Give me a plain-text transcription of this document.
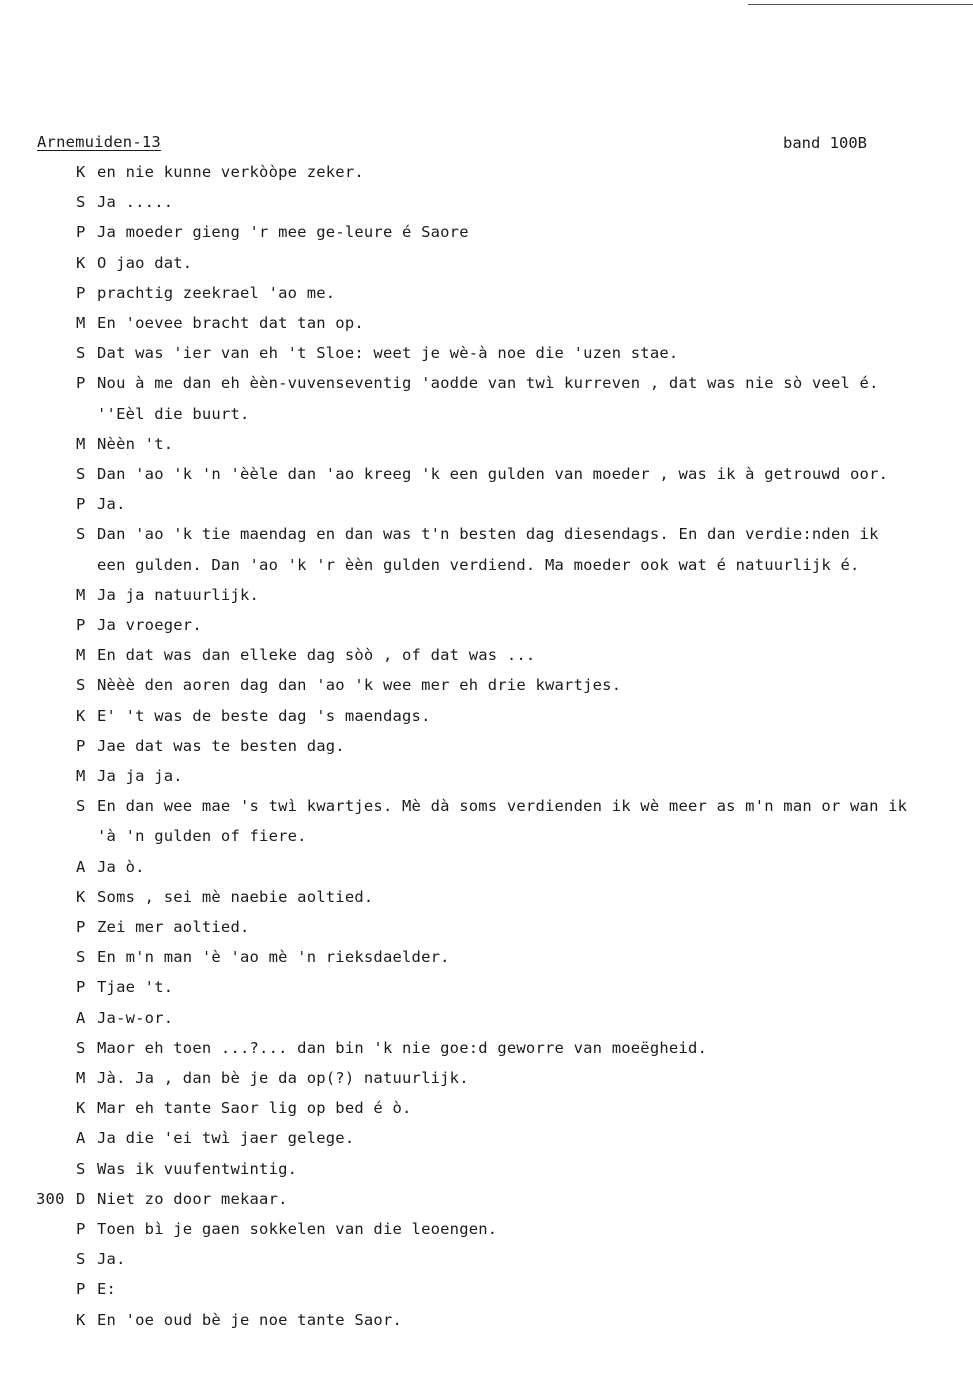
Arnemuiden-13	band 100B
K en nie kunne verkòòpe zeker.
S Ja .....
P Ja moeder gieng 'r mee ge-leure é Saore
K O jao dat.
P prachtig zeekrael 'ao me.
M En 'oevee bracht dat tan op.
S Dat was 'ier van eh 't Sloe: weet je wè-à noe die 'uzen stae.
P Nou à me dan eh èèn-vuvenseventig 'aodde van twì kurreven , dat was nie sò veel é.
''Eèl die buurt.
M Nèèn 't.
S Dan 'ao 'k 'n 'èèle dan 'ao kreeg 'k een gulden van moeder , was ik à getrouwd oor.
P Ja.
S Dan 'ao 'k tie maendag en dan was t'n besten dag diesendags. En dan verdie:nden ik
een gulden. Dan 'ao 'k 'r èèn gulden verdiend. Ma moeder ook wat é natuurlijk é.
M Ja ja natuurlijk.
P Ja vroeger.
M En dat was dan elleke dag sòò , of dat was ...
S Nèèè den aoren dag dan 'ao 'k wee mer eh drie kwartjes.
K E' 't was de beste dag 's maendags.
P Jae dat was te besten dag.
M Ja ja ja.
S En dan wee mae 's twì kwartjes. Mè dà soms verdienden ik wè meer as m'n man or wan ik
'à 'n gulden of fiere.
A Ja ò.
K Soms , sei mè naebie aoltied.
P Zei mer aoltied.
S En m'n man 'è 'ao mè 'n rieksdaelder.
P Tjae 't.
A Ja-w-or.
S Maor eh toen ...?... dan bin 'k nie goe:d geworre van moeëgheid.
M Jà. Ja , dan bè je da op(?) natuurlijk.
K Mar eh tante Saor lig op bed é ò.
A Ja die 'ei twì jaer gelege.
S Was ik vuufentwintig.
300 D Niet zo door mekaar.
P Toen bì je gaen sokkelen van die leoengen.
S Ja.
P E:
K En 'oe oud bè je noe tante Saor.
